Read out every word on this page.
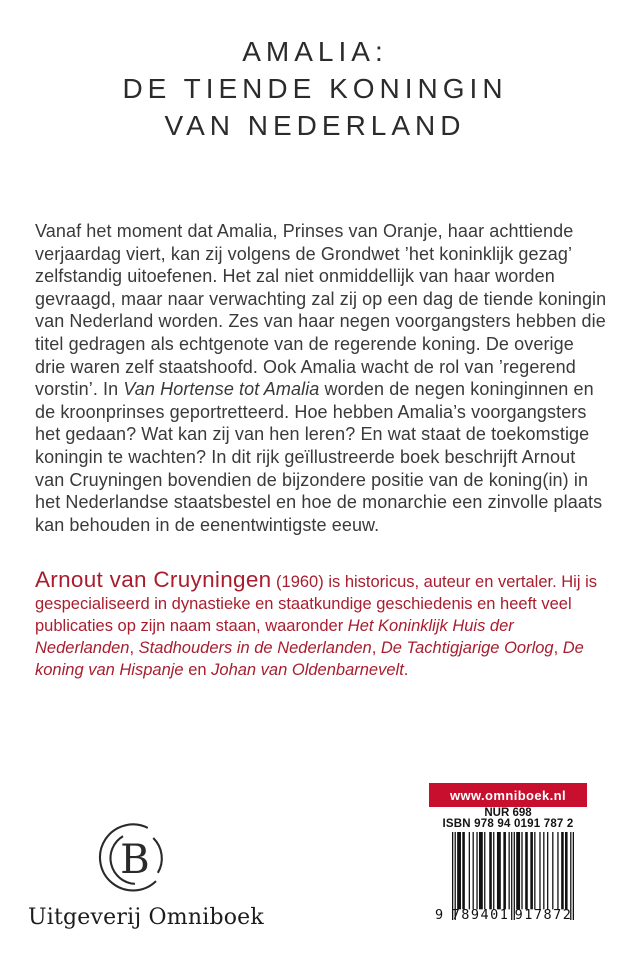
AMALIA:
DE TIENDE KONINGIN
VAN NEDERLAND

Vanaf het moment dat Amalia, Prinses van Oranje, haar achttiende verjaardag viert, kan zij volgens de Grondwet ’het koninklijk gezag’ zelfstandig uitoefenen. Het zal niet onmiddellijk van haar worden gevraagd, maar naar verwachting zal zij op een dag de tiende koningin van Nederland worden. Zes van haar negen voorgangsters hebben die titel gedragen als echtgenote van de regerende koning. De overige drie waren zelf staatshoofd. Ook Amalia wacht de rol van ’regerend vorstin’. In Van Hortense tot Amalia worden de negen koninginnen en de kroonprinses geportretteerd. Hoe hebben Amalia’s voorgangsters het gedaan? Wat kan zij van hen leren? En wat staat de toekomstige koningin te wachten? In dit rijk geïllustreerde boek beschrijft Arnout van Cruyningen bovendien de bijzondere positie van de koning(in) in het Nederlandse staatsbestel en hoe de monarchie een zinvolle plaats kan behouden in de eenentwintigste eeuw.

Arnout van Cruyningen (1960) is historicus, auteur en vertaler. Hij is gespecialiseerd in dynastieke en staatkundige geschiedenis en heeft veel publicaties op zijn naam staan, waaronder Het Koninklijk Huis der Nederlanden, Stadhouders in de Nederlanden, De Tachtigjarige Oorlog, De koning van Hispanje en Johan van Oldenbarnevelt.

B
Uitgeverij Omniboek
www.omniboek.nl
NUR 698
ISBN 978 94 0191 787 2
9 789401 917872
